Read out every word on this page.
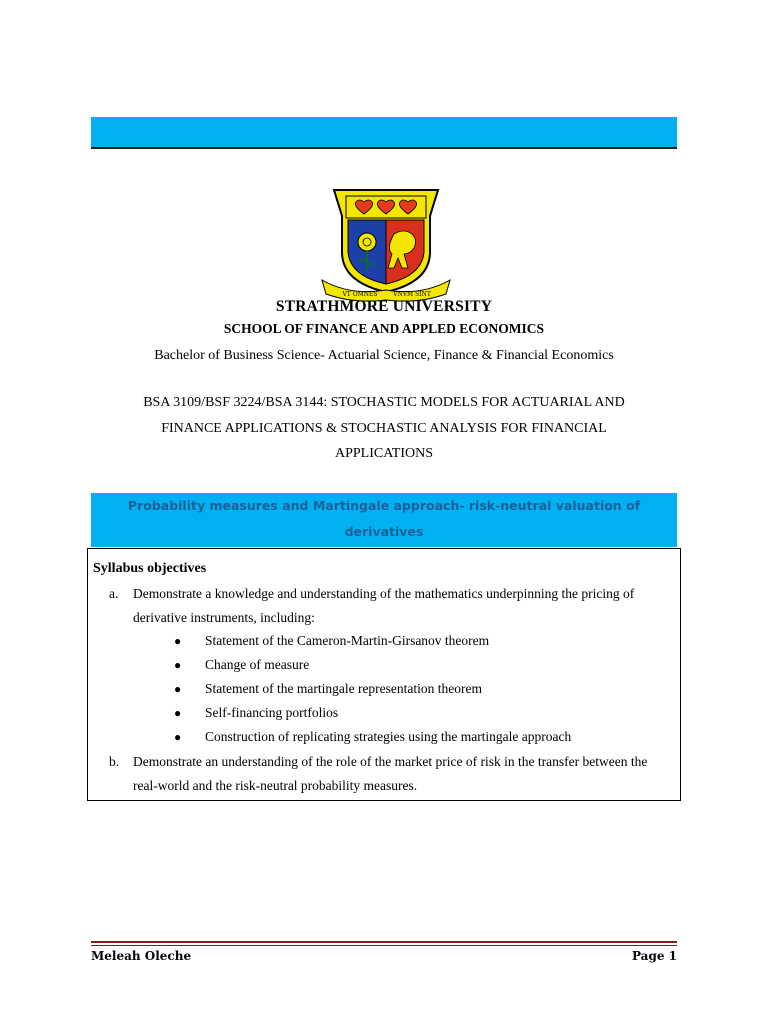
VT OMNES	VNVM SINT
STRATHMORE UNIVERSITY
SCHOOL OF FINANCE AND APPLED ECONOMICS
Bachelor of Business Science- Actuarial Science, Finance & Financial Economics
BSA 3109/BSF 3224/BSA 3144: STOCHASTIC MODELS FOR ACTUARIAL AND
FINANCE APPLICATIONS & STOCHASTIC ANALYSIS FOR FINANCIAL
APPLICATIONS
Probability measures and Martingale approach- risk-neutral valuation of
derivatives
Syllabus objectives
a. Demonstrate a knowledge and understanding of the mathematics underpinning the pricing of
derivative instruments, including:
● Statement of the Cameron-Martin-Girsanov theorem
● Change of measure
● Statement of the martingale representation theorem
● Self-financing portfolios
● Construction of replicating strategies using the martingale approach
b. Demonstrate an understanding of the role of the market price of risk in the transfer between the
real-world and the risk-neutral probability measures.
Meleah Oleche	Page 1
